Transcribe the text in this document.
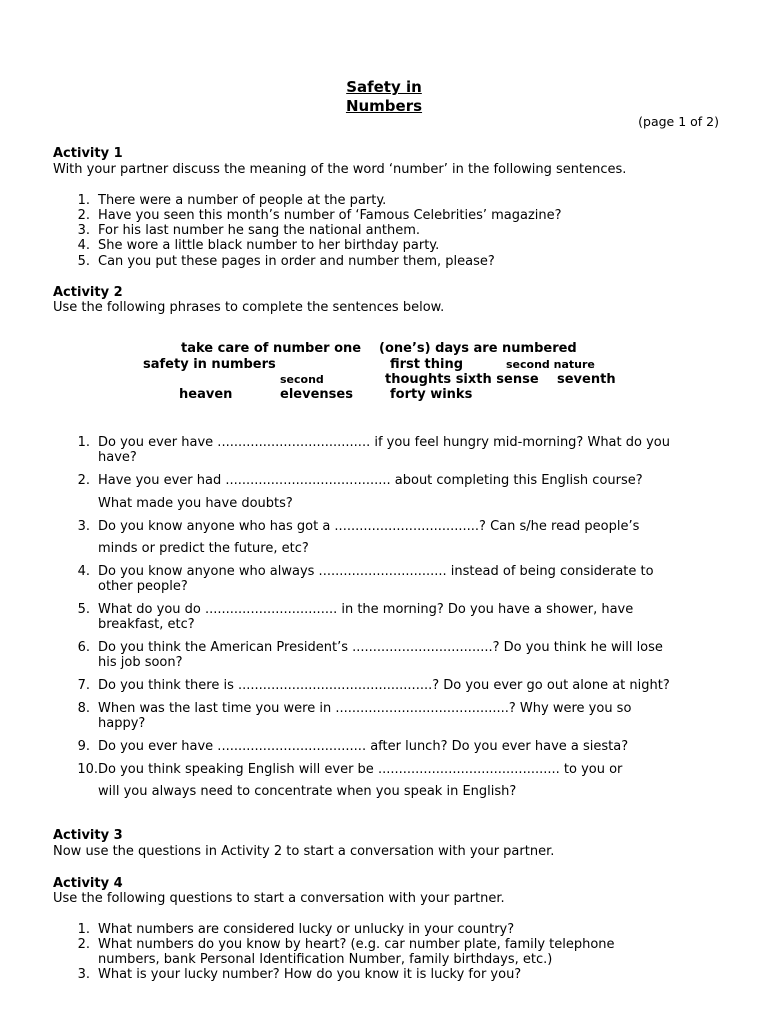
Safety in
Numbers
(page 1 of 2)
Activity 1
With your partner discuss the meaning of the word ‘number’ in the following sentences.
1. There were a number of people at the party.
2. Have you seen this month’s number of ‘Famous Celebrities’ magazine?
3. For his last number he sang the national anthem.
4. She wore a little black number to her birthday party.
5. Can you put these pages in order and number them, please?
Activity 2
Use the following phrases to complete the sentences below.
take care of number one (one’s) days are numbered
safety in numbers	first thing	second nature
second	thoughts sixth sense seventh
heaven	elevenses	forty winks
1. Do you ever have ..................................... if you feel hungry mid-morning? What do you
have?
2. Have you ever had ........................................ about completing this English course?
What made you have doubts?
3. Do you know anyone who has got a ...................................? Can s/he read people’s
minds or predict the future, etc?
4. Do you know anyone who always ............................... instead of being considerate to
other people?
5. What do you do ................................ in the morning? Do you have a shower, have
breakfast, etc?
6. Do you think the American President’s ..................................? Do you think he will lose
his job soon?
7. Do you think there is ...............................................? Do you ever go out alone at night?
8. When was the last time you were in ..........................................? Why were you so
happy?
9. Do you ever have .................................... after lunch? Do you ever have a siesta?
10. Do you think speaking English will ever be ............................................ to you or
will you always need to concentrate when you speak in English?
Activity 3
Now use the questions in Activity 2 to start a conversation with your partner.
Activity 4
Use the following questions to start a conversation with your partner.
1. What numbers are considered lucky or unlucky in your country?
2. What numbers do you know by heart? (e.g. car number plate, family telephone
numbers, bank Personal Identification Number, family birthdays, etc.)
3. What is your lucky number? How do you know it is lucky for you?
